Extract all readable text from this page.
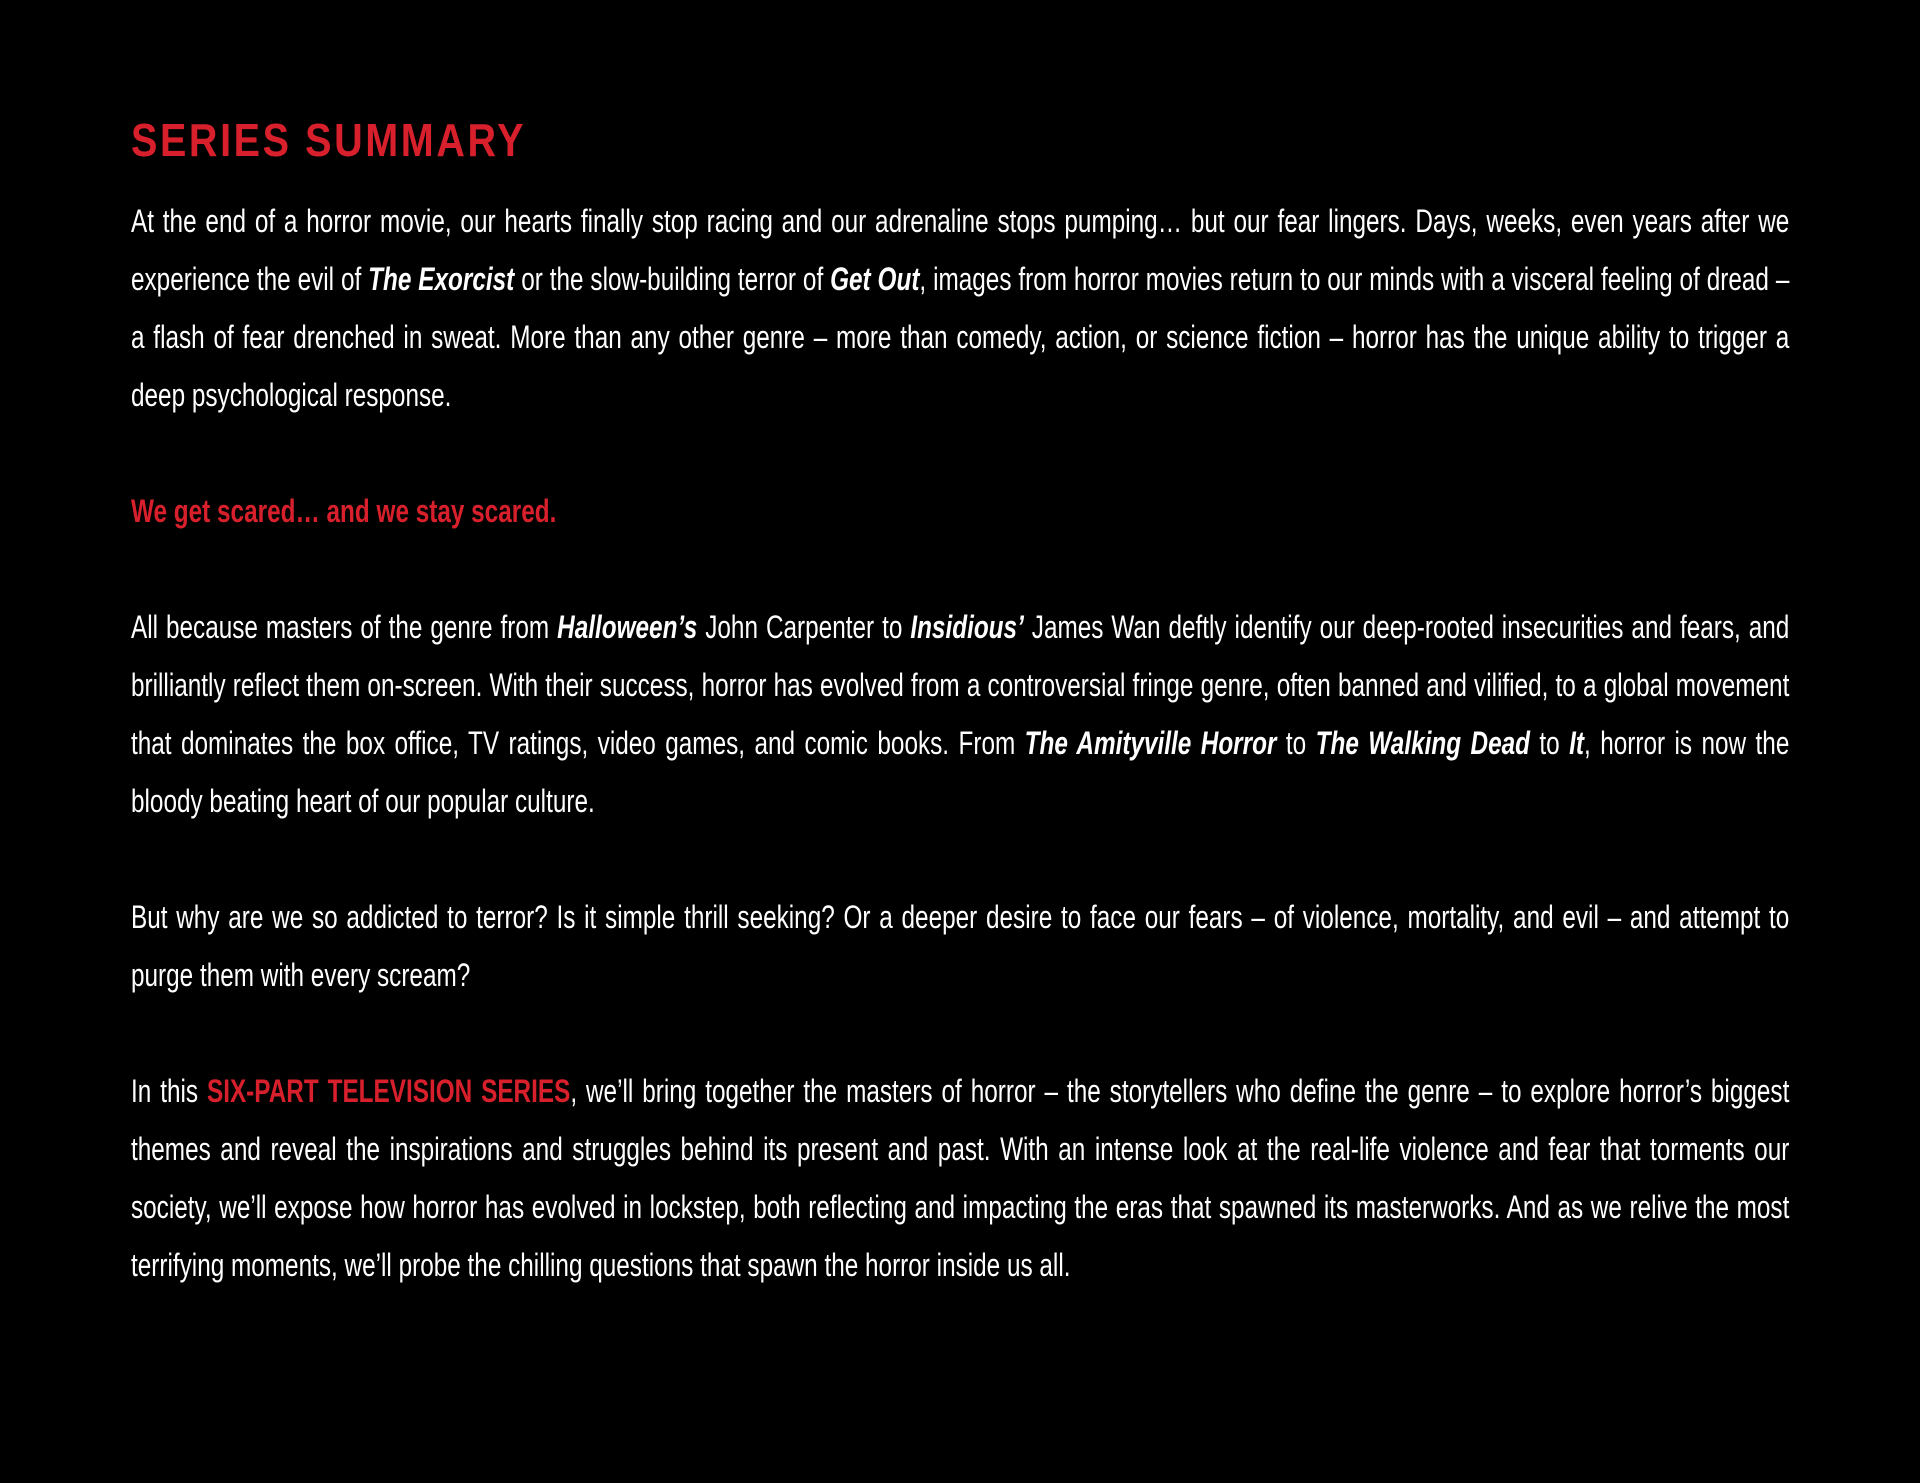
SERIES SUMMARY

At the end of a horror movie, our hearts finally stop racing and our adrenaline stops pumping… but our fear lingers. Days, weeks, even years after we experience the evil of The Exorcist or the slow-building terror of Get Out, images from horror movies return to our minds with a visceral feeling of dread – a flash of fear drenched in sweat. More than any other genre – more than comedy, action, or science fiction – horror has the unique ability to trigger a deep psychological response.

We get scared… and we stay scared.

All because masters of the genre from Halloween’s John Carpenter to Insidious’ James Wan deftly identify our deep-rooted insecurities and fears, and brilliantly reflect them on-screen. With their success, horror has evolved from a controversial fringe genre, often banned and vilified, to a global movement that dominates the box office, TV ratings, video games, and comic books. From The Amityville Horror to The Walking Dead to It, horror is now the bloody beating heart of our popular culture.

But why are we so addicted to terror? Is it simple thrill seeking? Or a deeper desire to face our fears – of violence, mortality, and evil – and attempt to purge them with every scream?

In this SIX-PART TELEVISION SERIES, we’ll bring together the masters of horror – the storytellers who define the genre – to explore horror’s biggest themes and reveal the inspirations and struggles behind its present and past. With an intense look at the real-life violence and fear that torments our society, we’ll expose how horror has evolved in lockstep, both reflecting and impacting the eras that spawned its masterworks. And as we relive the most terrifying moments, we’ll probe the chilling questions that spawn the horror inside us all.
